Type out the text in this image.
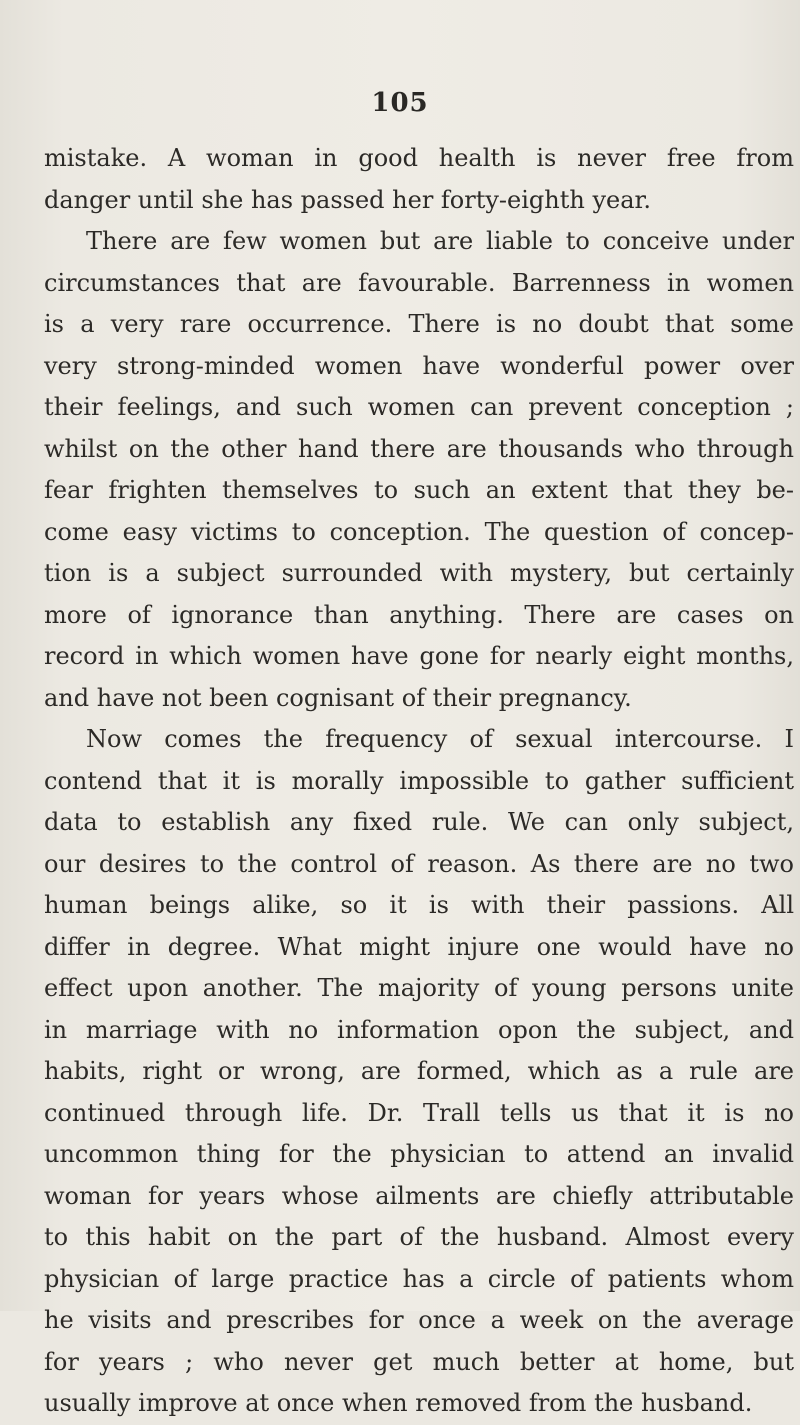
105
mistake. A woman in good health is never free from
danger until she has passed her forty-eighth year.
There are few women but are liable to conceive under
circumstances that are favourable. Barrenness in women
is a very rare occurrence. There is no doubt that some
very strong-minded women have wonderful power over
their feelings, and such women can prevent conception ;
whilst on the other hand there are thousands who through
fear frighten themselves to such an extent that they be-
come easy victims to conception. The question of concep-
tion is a subject surrounded with mystery, but certainly
more of ignorance than anything. There are cases on
record in which women have gone for nearly eight months,
and have not been cognisant of their pregnancy.
Now comes the frequency of sexual intercourse. I
contend that it is morally impossible to gather sufficient
data to establish any fixed rule. We can only subject,
our desires to the control of reason. As there are no two
human beings alike, so it is with their passions. All
differ in degree. What might injure one would have no
effect upon another. The majority of young persons unite
in marriage with no information opon the subject, and
habits, right or wrong, are formed, which as a rule are
continued through life. Dr. Trall tells us that it is no
uncommon thing for the physician to attend an invalid
woman for years whose ailments are chiefly attributable
to this habit on the part of the husband. Almost every
physician of large practice has a circle of patients whom
he visits and prescribes for once a week on the average
for years ; who never get much better at home, but
usually improve at once when removed from the husband.
